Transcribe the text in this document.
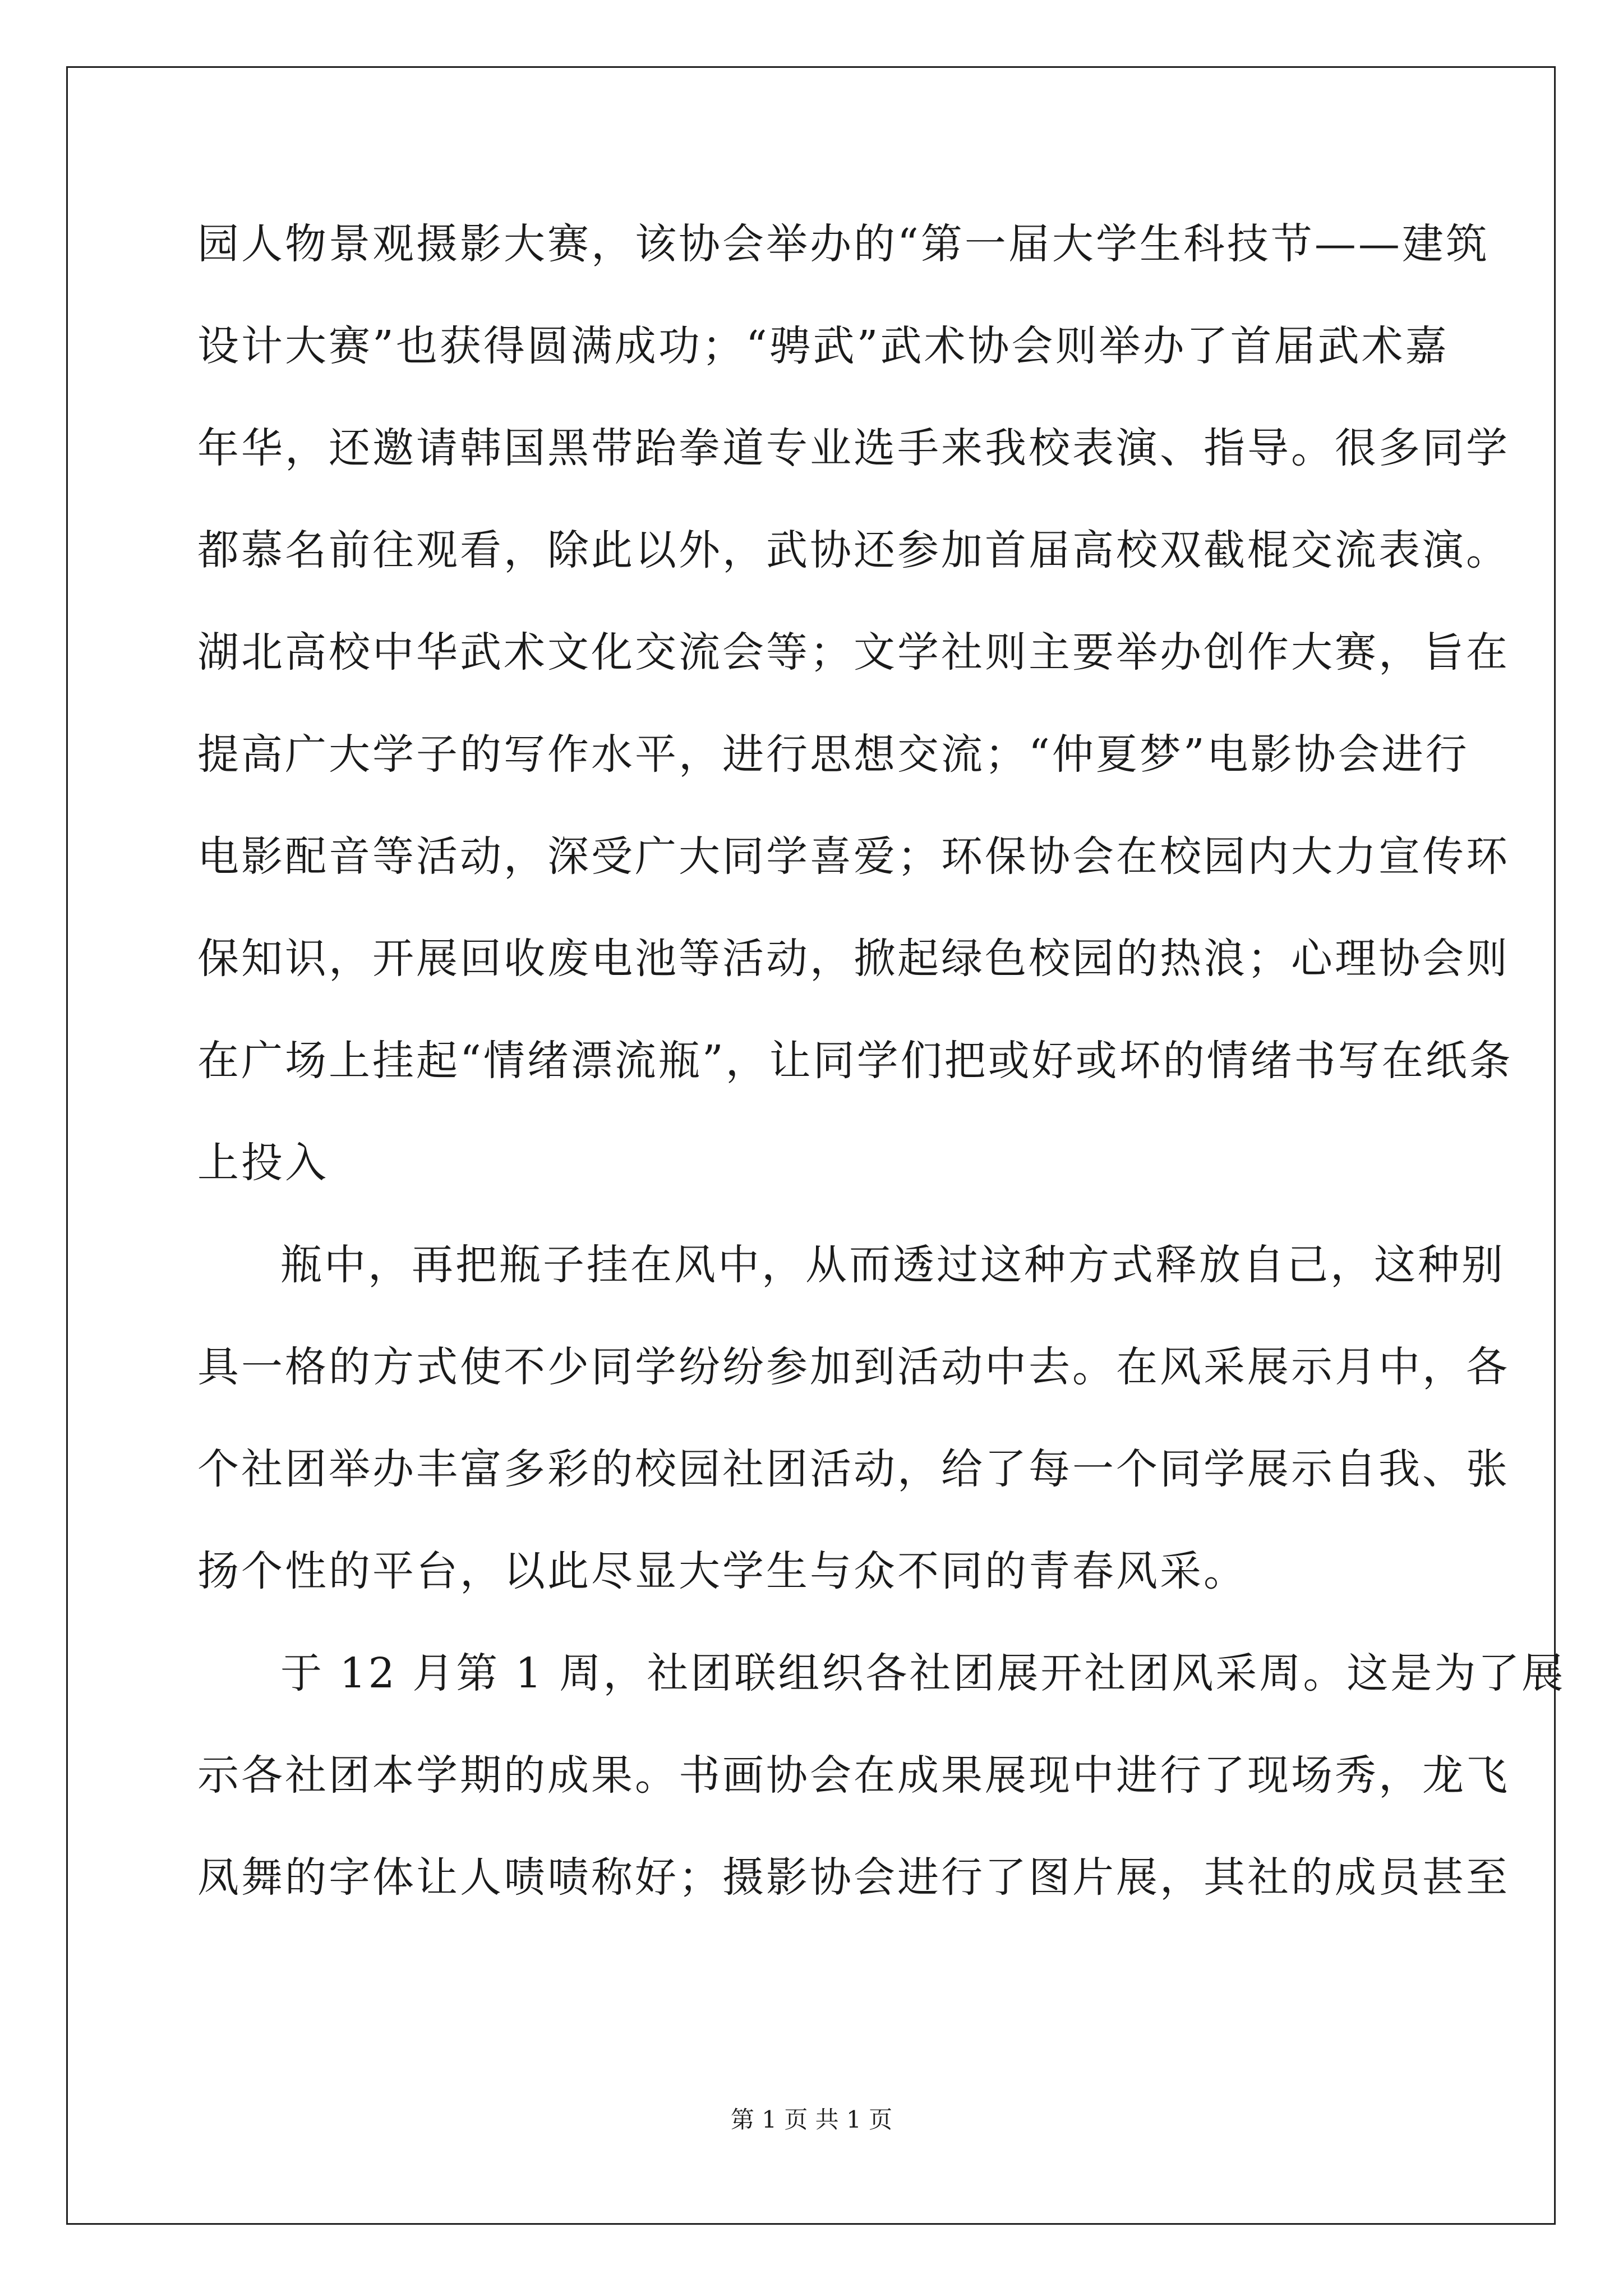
园人物景观摄影大赛，该协会举办的“第一届大学生科技节——建筑
设计大赛”也获得圆满成功；“骋武”武术协会则举办了首届武术嘉
年华，还邀请韩国黑带跆拳道专业选手来我校表演、指导。很多同学
都慕名前往观看，除此以外，武协还参加首届高校双截棍交流表演。
湖北高校中华武术文化交流会等；文学社则主要举办创作大赛，旨在
提高广大学子的写作水平，进行思想交流；“仲夏梦”电影协会进行
电影配音等活动，深受广大同学喜爱；环保协会在校园内大力宣传环
保知识，开展回收废电池等活动，掀起绿色校园的热浪；心理协会则
在广场上挂起“情绪漂流瓶”，让同学们把或好或坏的情绪书写在纸条
上投入
瓶中，再把瓶子挂在风中，从而透过这种方式释放自己，这种别
具一格的方式使不少同学纷纷参加到活动中去。在风采展示月中，各
个社团举办丰富多彩的校园社团活动，给了每一个同学展示自我、张
扬个性的平台，以此尽显大学生与众不同的青春风采。
于 12 月第 1 周，社团联组织各社团展开社团风采周。这是为了展
示各社团本学期的成果。书画协会在成果展现中进行了现场秀，龙飞
凤舞的字体让人啧啧称好；摄影协会进行了图片展，其社的成员甚至
第 1 页 共 1 页
